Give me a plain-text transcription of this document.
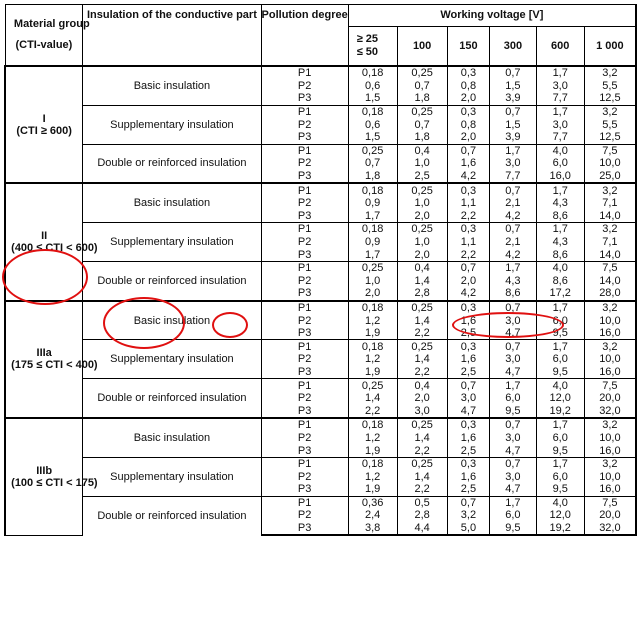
Material group
(CTI-value)	Insulation of the conductive part	Pollution degree	Working voltage [V]					
			≥ 25
≤ 50	100	150	300	600	1 000

I
(CTI ≥ 600)	Basic insulation	P1	0,18	0,25	0,3	0,7	1,7	3,2
		P2	0,6	0,7	0,8	1,5	3,0	5,5
		P3	1,5	1,8	2,0	3,9	7,7	12,5
	Supplementary insulation	P1	0,18	0,25	0,3	0,7	1,7	3,2
		P2	0,6	0,7	0,8	1,5	3,0	5,5
		P3	1,5	1,8	2,0	3,9	7,7	12,5
	Double or reinforced insulation	P1	0,25	0,4	0,7	1,7	4,0	7,5
		P2	0,7	1,0	1,6	3,0	6,0	10,0
		P3	1,8	2,5	4,2	7,7	16,0	25,0

II
(400 ≤ CTI < 600)	Basic insulation	P1	0,18	0,25	0,3	0,7	1,7	3,2
		P2	0,9	1,0	1,1	2,1	4,3	7,1
		P3	1,7	2,0	2,2	4,2	8,6	14,0
	Supplementary insulation	P1	0,18	0,25	0,3	0,7	1,7	3,2
		P2	0,9	1,0	1,1	2,1	4,3	7,1
		P3	1,7	2,0	2,2	4,2	8,6	14,0
	Double or reinforced insulation	P1	0,25	0,4	0,7	1,7	4,0	7,5
		P2	1,0	1,4	2,0	4,3	8,6	14,0
		P3	2,0	2,8	4,2	8,6	17,2	28,0

IIIa
(175 ≤ CTI < 400)	Basic insulation	P1	0,18	0,25	0,3	0,7	1,7	3,2
		P2	1,2	1,4	1,6	3,0	6,0	10,0
		P3	1,9	2,2	2,5	4,7	9,5	16,0
	Supplementary insulation	P1	0,18	0,25	0,3	0,7	1,7	3,2
		P2	1,2	1,4	1,6	3,0	6,0	10,0
		P3	1,9	2,2	2,5	4,7	9,5	16,0
	Double or reinforced insulation	P1	0,25	0,4	0,7	1,7	4,0	7,5
		P2	1,4	2,0	3,0	6,0	12,0	20,0
		P3	2,2	3,0	4,7	9,5	19,2	32,0

IIIb
(100 ≤ CTI < 175)	Basic insulation	P1	0,18	0,25	0,3	0,7	1,7	3,2
		P2	1,2	1,4	1,6	3,0	6,0	10,0
		P3	1,9	2,2	2,5	4,7	9,5	16,0
	Supplementary insulation	P1	0,18	0,25	0,3	0,7	1,7	3,2
		P2	1,2	1,4	1,6	3,0	6,0	10,0
		P3	1,9	2,2	2,5	4,7	9,5	16,0
	Double or reinforced insulation	P1	0,36	0,5	0,7	1,7	4,0	7,5
		P2	2,4	2,8	3,2	6,0	12,0	20,0
		P3	3,8	4,4	5,0	9,5	19,2	32,0
